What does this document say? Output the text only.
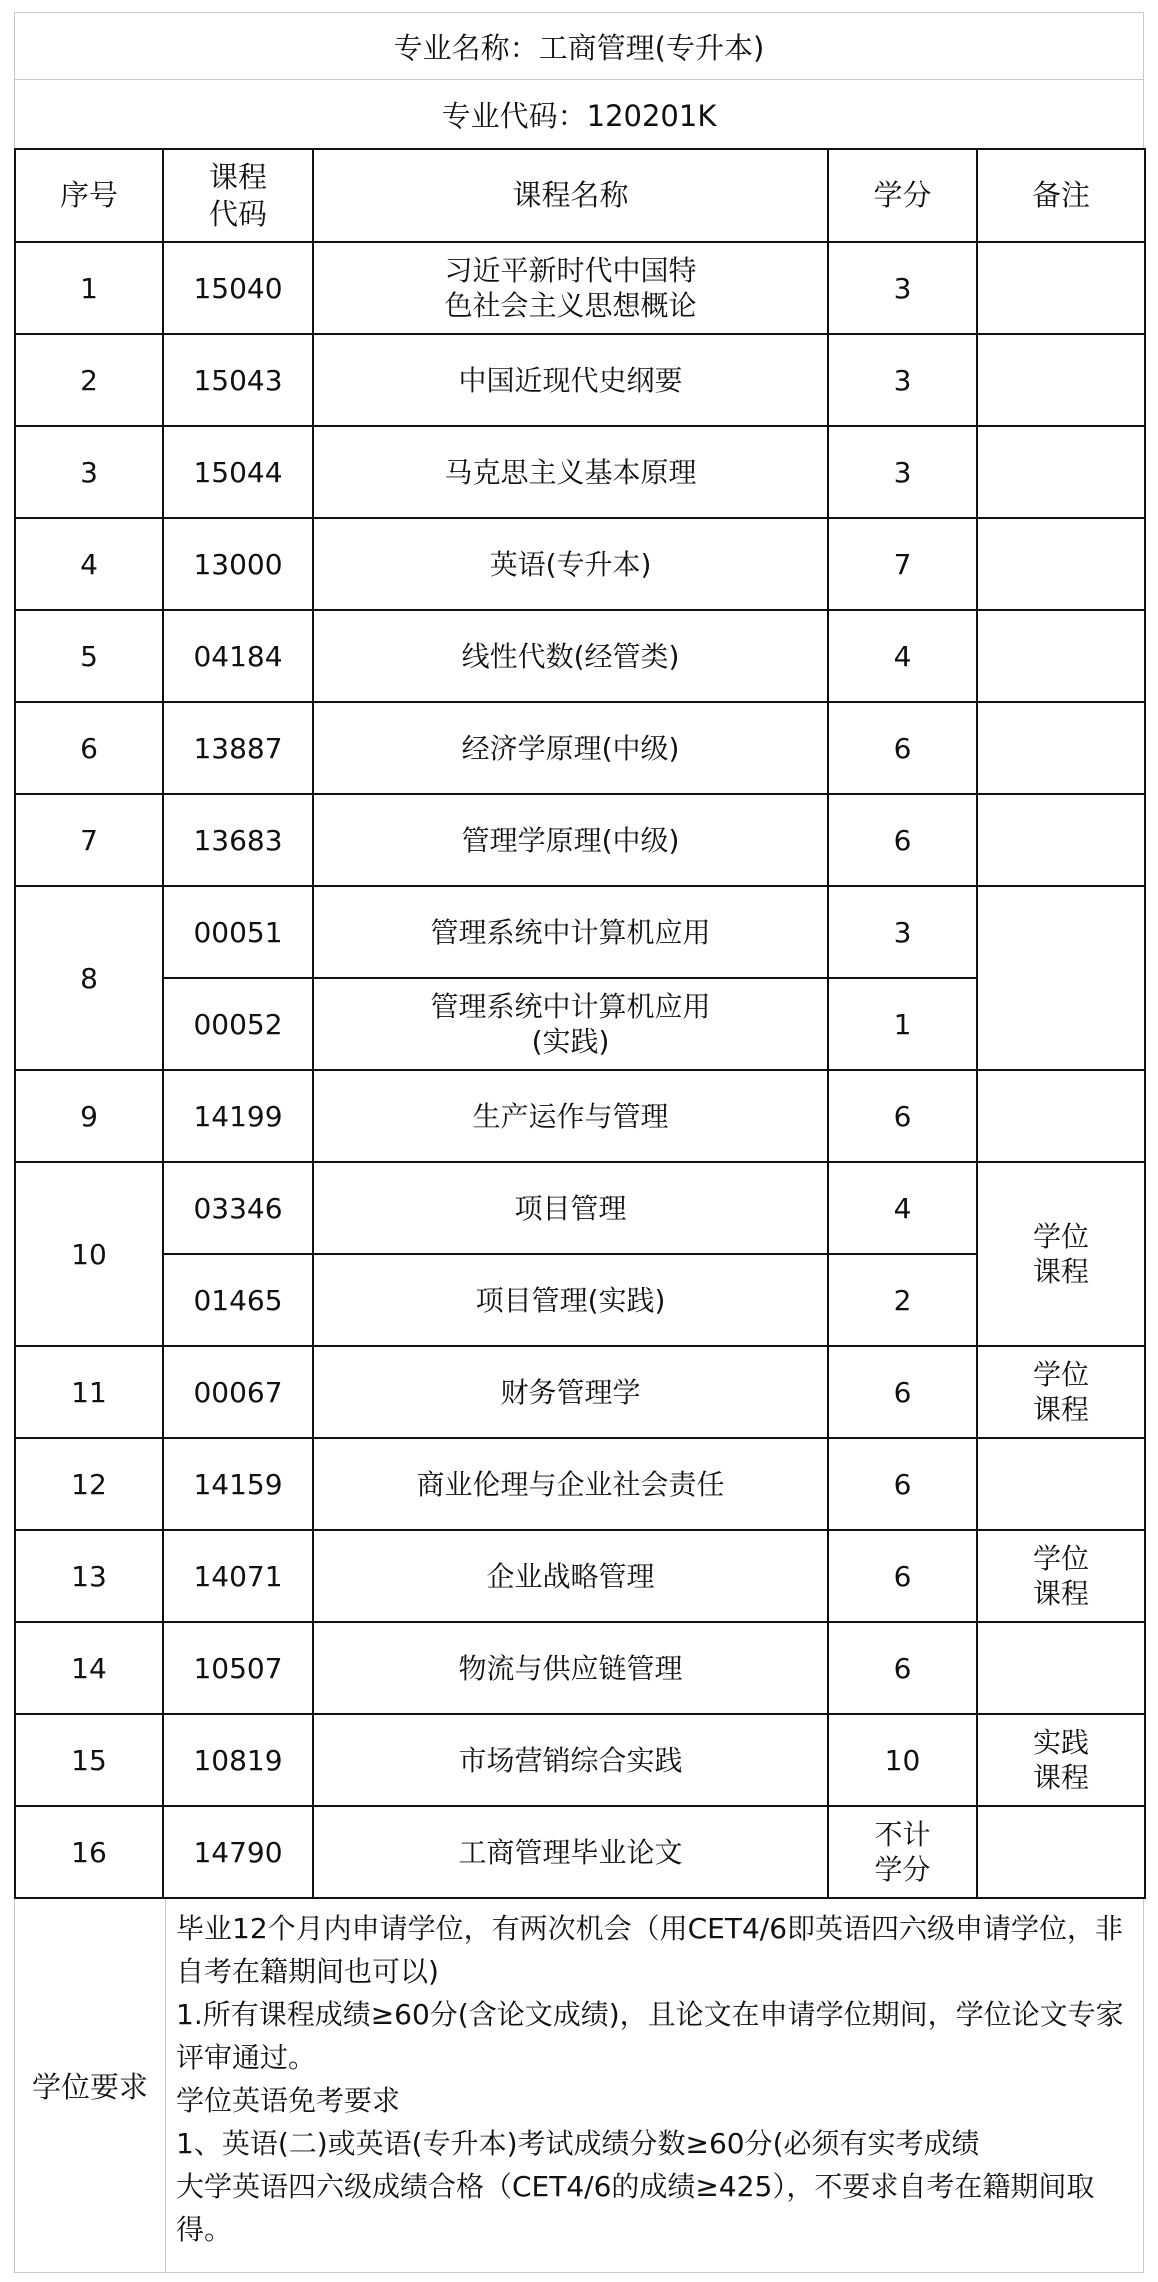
专业名称：工商管理(专升本)
专业代码：120201K
序号	课程代码	课程名称	学分	备注
1	15040	习近平新时代中国特色社会主义思想概论	3	
2	15043	中国近现代史纲要	3	
3	15044	马克思主义基本原理	3	
4	13000	英语(专升本)	7	
5	04184	线性代数(经管类)	4	
6	13887	经济学原理(中级)	6	
7	13683	管理学原理(中级)	6	
8	00051	管理系统中计算机应用	3	
	00052	管理系统中计算机应用(实践)	1	
9	14199	生产运作与管理	6	
10	03346	项目管理	4	学位课程
	01465	项目管理(实践)	2	
11	00067	财务管理学	6	学位课程
12	14159	商业伦理与企业社会责任	6	
13	14071	企业战略管理	6	学位课程
14	10507	物流与供应链管理	6	
15	10819	市场营销综合实践	10	实践课程
16	14790	工商管理毕业论文	不计学分	
学位要求
毕业12个月内申请学位，有两次机会（用CET4/6即英语四六级申请学位，非自考在籍期间也可以)
1.所有课程成绩≥60分(含论文成绩)，且论文在申请学位期间，学位论文专家评审通过。
学位英语免考要求
1、英语(二)或英语(专升本)考试成绩分数≥60分(必须有实考成绩
大学英语四六级成绩合格（CET4/6的成绩≥425），不要求自考在籍期间取得。
